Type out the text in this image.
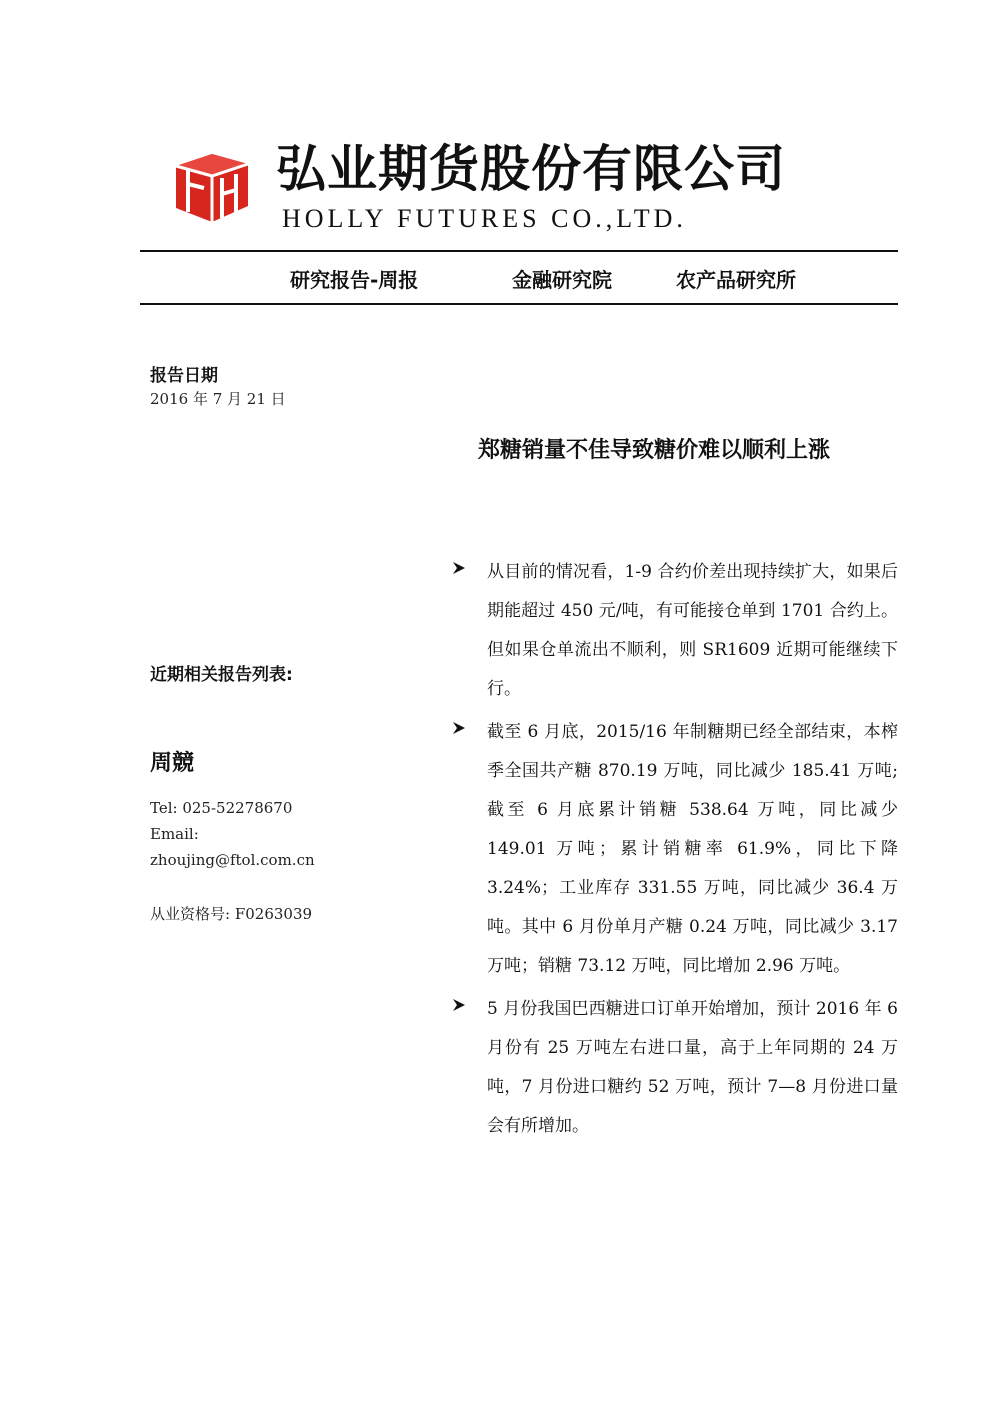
弘业期货股份有限公司
HOLLY FUTURES CO.,LTD.
研究报告-周报	金融研究院	农产品研究所
报告日期
2016 年 7 月 21 日
近期相关报告列表:
周競
Tel: 025-52278670
Email:
zhoujing@ftol.com.cn
从业资格号: F0263039
郑糖销量不佳导致糖价难以顺利上涨
从目前的情况看，1-9 合约价差出现持续扩大，如果后期能超过 450 元/吨，有可能接仓单到 1701 合约上。但如果仓单流出不顺利，则 SR1609 近期可能继续下行。
截至 6 月底，2015/16 年制糖期已经全部结束，本榨季全国共产糖 870.19 万吨，同比减少 185.41 万吨;截至 6 月底累计销糖 538.64 万吨，同比减少 149.01 万吨；累计销糖率 61.9%，同比下降 3.24%；工业库存 331.55 万吨，同比减少 36.4 万吨。其中 6 月份单月产糖 0.24 万吨，同比减少 3.17 万吨；销糖 73.12 万吨，同比增加 2.96 万吨。
5 月份我国巴西糖进口订单开始增加，预计 2016 年 6 月份有 25 万吨左右进口量，高于上年同期的 24 万吨，7 月份进口糖约 52 万吨，预计 7—8 月份进口量会有所增加。
